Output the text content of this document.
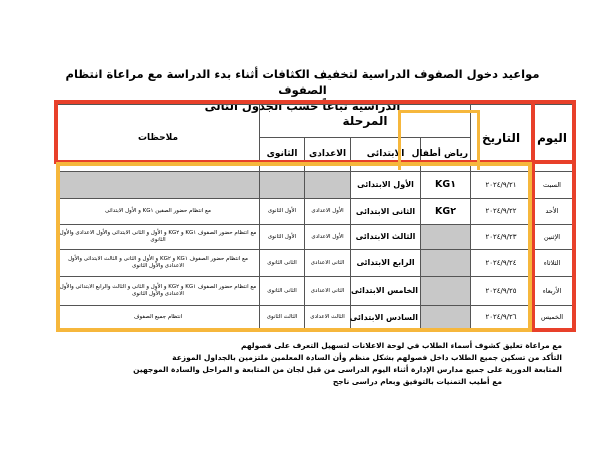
مواعيد دخول الصفوف الدراسية لتخفيف الكثافات أثناء بدء الدراسة مع مراعاة انتظام الصفوف
الدراسية تباعاً حسب الجدول التالى
اليوم	التاريخ	المرحلة				ملاحظات
		رياض أطفال	الابتدائى	الاعدادى	الثانوى	
السبت	٢٠٢٤/٩/٢١	KG١	الأول الابتدائى			
الأحد	٢٠٢٤/٩/٢٢	KG٢	الثانى الابتدائى	الأول الاعدادى	الأول الثانوى	مع انتظام حضور الصفين KG١ و الأول الابتدائى
الإثنين	٢٠٢٤/٩/٢٣		الثالث الابتدائى	الأول الاعدادى	الأول الثانوى	مع انتظام حضور الصفوف KG١ و KG٢ و الأول و الثانى الابتدائى والأول الاعدادى والأول الثانوى
الثلاثاء	٢٠٢٤/٩/٢٤		الرابع الابتدائى	الثانى الاعدادى	الثانى الثانوى	مع انتظام حضور الصفوف KG١ و KG٢ و الأول و الثانى و الثالث الابتدائى والأول الاعدادى والأول الثانوى
الأربعاء	٢٠٢٤/٩/٢٥		الخامس الابتدائى	الثانى الاعدادى	الثانى الثانوى	مع انتظام حضور الصفوف KG١ و KG٢ و الأول و الثانى و الثالث والرابع الابتدائى والأول الاعدادى والأول الثانوى
الخميس	٢٠٢٤/٩/٢٦		السادس الابتدائى	الثالث الاعدادى	الثالث الثانوى	انتظام جميع الصفوف
مع مراعاة تعليق كشوف أسماء الطلاب في لوحة الاعلانات لتسهيل التعرف على فصولهم
التأكد من تسكين جميع الطلاب داخل فصولهم بشكل منظم وأن السادة المعلمين ملتزمين بالجداول الموزعة
المتابعة الدورية على جميع مدارس الإدارة أثناء اليوم الدراسى من قبل لجان من المتابعة و المراحل والسادة الموجهين
مع أطيب التمنيات بالتوفيق وبعام دراسى ناجح
